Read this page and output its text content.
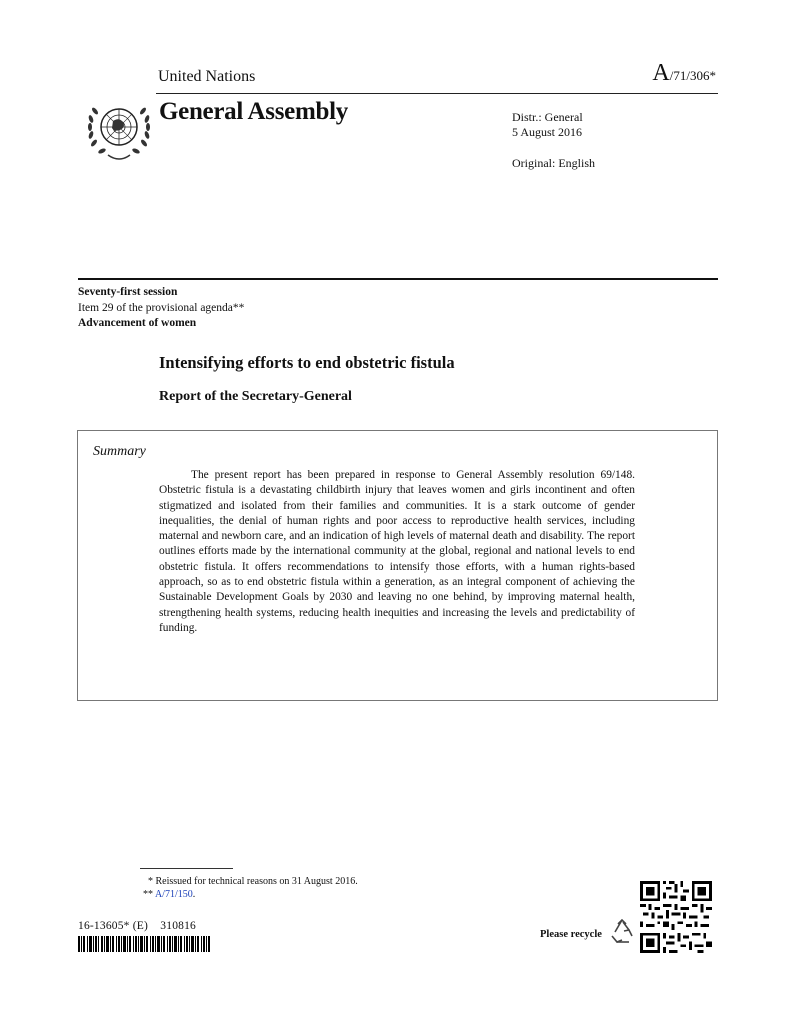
United Nations	A/71/306*
General Assembly	Distr.: General
5 August 2016
Original: English
Seventy-first session
Item 29 of the provisional agenda**
Advancement of women
Intensifying efforts to end obstetric fistula
Report of the Secretary-General
Summary
The present report has been prepared in response to General Assembly resolution 69/148. Obstetric fistula is a devastating childbirth injury that leaves women and girls incontinent and often stigmatized and isolated from their families and communities. It is a stark outcome of gender inequalities, the denial of human rights and poor access to reproductive health services, including maternal and newborn care, and an indication of high levels of maternal death and disability. The report outlines efforts made by the international community at the global, regional and national levels to end obstetric fistula. It offers recommendations to intensify those efforts, with a human rights-based approach, so as to end obstetric fistula within a generation, as an integral component of achieving the Sustainable Development Goals by 2030 and leaving no one behind, by improving maternal health, strengthening health systems, reducing health inequities and increasing the levels and predictability of funding.
* Reissued for technical reasons on 31 August 2016.
** A/71/150.
16-13605* (E)    310816
Please recycle
